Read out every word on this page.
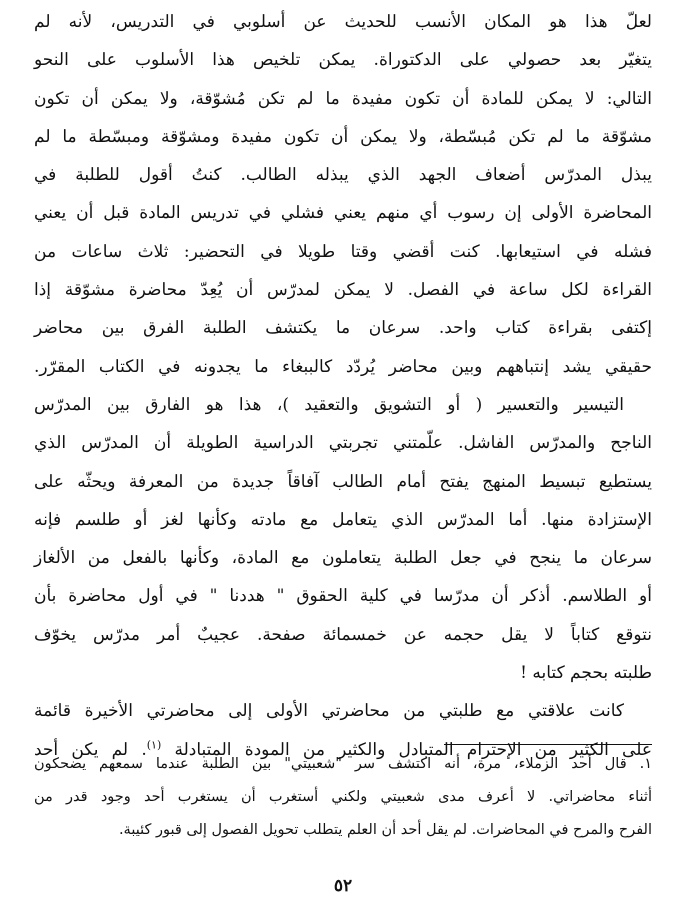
لعلّ هذا هو المكان الأنسب للحديث عن أسلوبي في التدريس، لأنه لم
يتغيّر بعد حصولي على الدكتوراة. يمكن تلخيص هذا الأسلوب على النحو
التالي: لا يمكن للمادة أن تكون مفيدة ما لم تكن مُشوّقة، ولا يمكن أن تكون
مشوّقة ما لم تكن مُبسّطة، ولا يمكن أن تكون مفيدة ومشوّقة ومبسّطة ما لم
يبذل المدرّس أضعاف الجهد الذي يبذله الطالب. كنتُ أقول للطلبة في
المحاضرة الأولى إن رسوب أي منهم يعني فشلي في تدريس المادة قبل أن يعني
فشله في استيعابها. كنت أقضي وقتا طويلا في التحضير: ثلاث ساعات من
القراءة لكل ساعة في الفصل. لا يمكن لمدرّس أن يُعِدّ محاضرة مشوّقة إذا
إكتفى بقراءة كتاب واحد. سرعان ما يكتشف الطلبة الفرق بين محاضر
حقيقي يشد إنتباههم وبين محاضر يُردّد كالببغاء ما يجدونه في الكتاب المقرّر.
التيسير والتعسير ( أو التشويق والتعقيد )، هذا هو الفارق بين المدرّس
الناجح والمدرّس الفاشل. علّمتني تجربتي الدراسية الطويلة أن المدرّس الذي
يستطيع تبسيط المنهج يفتح أمام الطالب آفاقاً جديدة من المعرفة ويحثّه على
الإستزادة منها. أما المدرّس الذي يتعامل مع مادته وكأنها لغز أو طلسم فإنه
سرعان ما ينجح في جعل الطلبة يتعاملون مع المادة، وكأنها بالفعل من الألغاز
أو الطلاسم. أذكر أن مدرّسا في كلية الحقوق " هددنا " في أول محاضرة بأن
نتوقع كتاباً لا يقل حجمه عن خمسمائة صفحة. عجيبٌ أمر مدرّس يخوّف
طلبته بحجم كتابه !
كانت علاقتي مع طلبتي من محاضرتي الأولى إلى محاضرتي الأخيرة قائمة
على الكثير من الإحترام المتبادل والكثير من المودة المتبادلة $^{(١)}$. لم يكن أحد
١. قال أحد الزملاء، مرة، أنه اكتشف سر "شعبيتي" بين الطلبة عندما سمعهم يضحكون
أثناء محاضراتي. لا أعرف مدى شعبيتي ولكني أستغرب أن يستغرب أحد وجود قدر من
الفرح والمرح في المحاضرات. لم يقل أحد أن العلم يتطلب تحويل الفصول إلى قبور كئيبة.
٥٢
